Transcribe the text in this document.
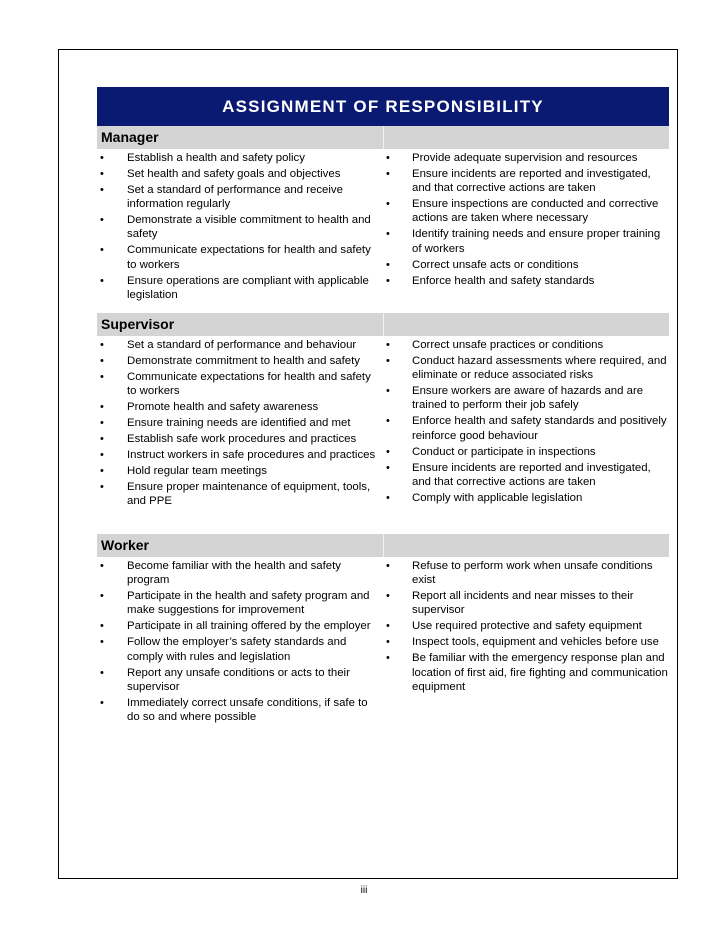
ASSIGNMENT OF RESPONSIBILITY
Manager
• Establish a health and safety policy
• Set health and safety goals and objectives
• Set a standard of performance and receive information regularly
• Demonstrate a visible commitment to health and safety
• Communicate expectations for health and safety to workers
• Ensure operations are compliant with applicable legislation
• Provide adequate supervision and resources
• Ensure incidents are reported and investigated, and that corrective actions are taken
• Ensure inspections are conducted and corrective actions are taken where necessary
• Identify training needs and ensure proper training of workers
• Correct unsafe acts or conditions
• Enforce health and safety standards
Supervisor
• Set a standard of performance and behaviour
• Demonstrate commitment to health and safety
• Communicate expectations for health and safety to workers
• Promote health and safety awareness
• Ensure training needs are identified and met
• Establish safe work procedures and practices
• Instruct workers in safe procedures and practices
• Hold regular team meetings
• Ensure proper maintenance of equipment, tools, and PPE
• Correct unsafe practices or conditions
• Conduct hazard assessments where required, and eliminate or reduce associated risks
• Ensure workers are aware of hazards and are trained to perform their job safely
• Enforce health and safety standards and positively reinforce good behaviour
• Conduct or participate in inspections
• Ensure incidents are reported and investigated, and that corrective actions are taken
• Comply with applicable legislation
Worker
• Become familiar with the health and safety program
• Participate in the health and safety program and make suggestions for improvement
• Participate in all training offered by the employer
• Follow the employer’s safety standards and comply with rules and legislation
• Report any unsafe conditions or acts to their supervisor
• Immediately correct unsafe conditions, if safe to do so and where possible
• Refuse to perform work when unsafe conditions exist
• Report all incidents and near misses to their supervisor
• Use required protective and safety equipment
• Inspect tools, equipment and vehicles before use
• Be familiar with the emergency response plan and location of first aid, fire fighting and communication equipment
iii
